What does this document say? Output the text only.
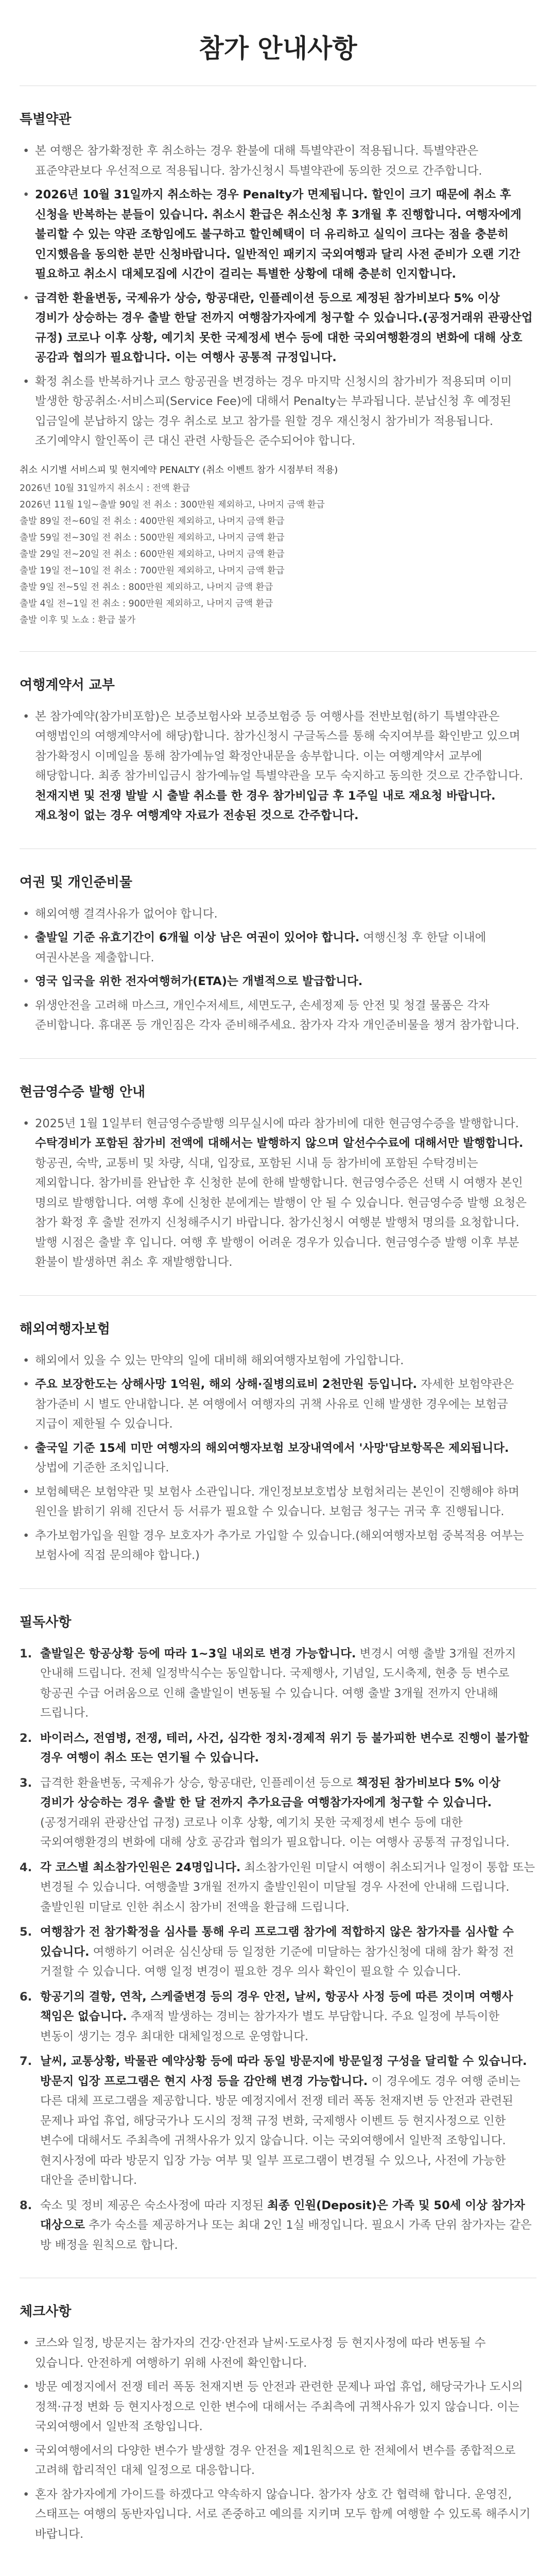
참가 안내사항
특별약관
• 본 여행은 참가확정한 후 취소하는 경우 환불에 대해 특별약관이 적용됩니다. 특별약관은 표준약관보다 우선적으로 적용됩니다. 참가신청시 특별약관에 동의한 것으로 간주합니다.
• 2026년 10월 31일까지 취소하는 경우 Penalty가 면제됩니다. 할인이 크기 때문에 취소 후 신청을 반복하는 분들이 있습니다. 취소시 환급은 취소신청 후 3개월 후 진행합니다. 여행자에게 불리할 수 있는 약관 조항임에도 불구하고 할인혜택이 더 유리하고 실익이 크다는 점을 충분히 인지했음을 동의한 분만 신청바랍니다. 일반적인 패키지 국외여행과 달리 사전 준비가 오랜 기간 필요하고 취소시 대체모집에 시간이 걸리는 특별한 상황에 대해 충분히 인지합니다.
• 급격한 환율변동, 국제유가 상승, 항공대란, 인플레이션 등으로 제정된 참가비보다 5% 이상 경비가 상승하는 경우 출발 한달 전까지 여행참가자에게 청구할 수 있습니다.(공정거래위 관광산업 규정) 코로나 이후 상황, 예기치 못한 국제정세 변수 등에 대한 국외여행환경의 변화에 대해 상호 공감과 협의가 필요합니다. 이는 여행사 공통적 규정입니다.
• 확정 취소를 반복하거나 코스 항공권을 변경하는 경우 마지막 신청시의 참가비가 적용되며 이미 발생한 항공취소·서비스피(Service Fee)에 대해서 Penalty는 부과됩니다. 분납신청 후 예정된 입금일에 분납하지 않는 경우 취소로 보고 참가를 원할 경우 재신청시 참가비가 적용됩니다. 조기예약시 할인폭이 큰 대신 관련 사항들은 준수되어야 합니다.
취소 시기별 서비스피 및 현지예약 PENALTY (취소 이벤트 참가 시점부터 적용)
2026년 10월 31일까지 취소시 : 전액 환급
2026년 11월 1일~출발 90일 전 취소 : 300만원 제외하고, 나머지 금액 환급
출발 89일 전~60일 전 취소 : 400만원 제외하고, 나머지 금액 환급
출발 59일 전~30일 전 취소 : 500만원 제외하고, 나머지 금액 환급
출발 29일 전~20일 전 취소 : 600만원 제외하고, 나머지 금액 환급
출발 19일 전~10일 전 취소 : 700만원 제외하고, 나머지 금액 환급
출발 9일 전~5일 전 취소 : 800만원 제외하고, 나머지 금액 환급
출발 4일 전~1일 전 취소 : 900만원 제외하고, 나머지 금액 환급
출발 이후 및 노쇼 : 환급 불가
여행계약서 교부
• 본 참가예약(참가비포함)은 보증보험사와 보증보험증 등 여행사를 전반보험(하기 특별약관은 여행법인의 여행계약서에 해당)합니다. 참가신청시 구글독스를 통해 숙지여부를 확인받고 있으며 참가확정시 이메일을 통해 참가예뉴얼 확정안내문을 송부합니다. 이는 여행계약서 교부에 해당합니다. 최종 참가비입금시 참가예뉴얼 특별약관을 모두 숙지하고 동의한 것으로 간주합니다. 천재지변 및 전쟁 발발 시 출발 취소를 한 경우 참가비입금 후 1주일 내로 재요청 바랍니다. 재요청이 없는 경우 여행계약 자료가 전송된 것으로 간주합니다.
여권 및 개인준비물
• 해외여행 결격사유가 없어야 합니다.
• 출발일 기준 유효기간이 6개월 이상 남은 여권이 있어야 합니다. 여행신청 후 한달 이내에 여권사본을 제출합니다.
• 영국 입국을 위한 전자여행허가(ETA)는 개별적으로 발급합니다.
• 위생안전을 고려해 마스크, 개인수저세트, 세면도구, 손세정제 등 안전 및 청결 물품은 각자 준비합니다. 휴대폰 등 개인짐은 각자 준비해주세요. 참가자 각자 개인준비물을 챙겨 참가합니다.
현금영수증 발행 안내
• 2025년 1월 1일부터 현금영수증발행 의무실시에 따라 참가비에 대한 현금영수증을 발행합니다. 수탁경비가 포함된 참가비 전액에 대해서는 발행하지 않으며 알선수수료에 대해서만 발행합니다. 항공권, 숙박, 교통비 및 차량, 식대, 입장료, 포함된 시내 등 참가비에 포함된 수탁경비는 제외합니다. 참가비를 완납한 후 신청한 분에 한해 발행합니다. 현금영수증은 선택 시 여행자 본인 명의로 발행합니다. 여행 후에 신청한 분에게는 발행이 안 될 수 있습니다. 현금영수증 발행 요청은 참가 확정 후 출발 전까지 신청해주시기 바랍니다. 참가신청시 여행분 발행처 명의를 요청합니다. 발행 시점은 출발 후 입니다. 여행 후 발행이 어려운 경우가 있습니다. 현금영수증 발행 이후 부분 환불이 발생하면 취소 후 재발행합니다.
해외여행자보험
• 해외에서 있을 수 있는 만약의 일에 대비해 해외여행자보험에 가입합니다.
• 주요 보장한도는 상해사망 1억원, 해외 상해·질병의료비 2천만원 등입니다. 자세한 보험약관은 참가준비 시 별도 안내합니다. 본 여행에서 여행자의 귀책 사유로 인해 발생한 경우에는 보험금 지급이 제한될 수 있습니다.
• 출국일 기준 15세 미만 여행자의 해외여행자보험 보장내역에서 '사망'담보항목은 제외됩니다. 상법에 기준한 조치입니다.
• 보험혜택은 보험약관 및 보험사 소관입니다. 개인정보보호법상 보험처리는 본인이 진행해야 하며 원인을 밝히기 위해 진단서 등 서류가 필요할 수 있습니다. 보험금 청구는 귀국 후 진행됩니다.
• 추가보험가입을 원할 경우 보호자가 추가로 가입할 수 있습니다.(해외여행자보험 중복적용 여부는 보험사에 직접 문의해야 합니다.)
필독사항
1. 출발일은 항공상황 등에 따라 1~3일 내외로 변경 가능합니다. 변경시 여행 출발 3개월 전까지 안내해 드립니다. 전체 일정박식수는 동일합니다. 국제행사, 기념일, 도시축제, 현충 등 변수로 항공권 수급 어려움으로 인해 출발일이 변동될 수 있습니다. 여행 출발 3개월 전까지 안내해 드립니다.
2. 바이러스, 전염병, 전쟁, 테러, 사건, 심각한 정치·경제적 위기 등 불가피한 변수로 진행이 불가할 경우 여행이 취소 또는 연기될 수 있습니다.
3. 급격한 환율변동, 국제유가 상승, 항공대란, 인플레이션 등으로 책정된 참가비보다 5% 이상 경비가 상승하는 경우 출발 한 달 전까지 추가요금을 여행참가자에게 청구할 수 있습니다. (공정거래위 관광산업 규정) 코로나 이후 상황, 예기치 못한 국제정세 변수 등에 대한 국외여행환경의 변화에 대해 상호 공감과 협의가 필요합니다. 이는 여행사 공통적 규정입니다.
4. 각 코스별 최소참가인원은 24명입니다. 최소참가인원 미달시 여행이 취소되거나 일정이 통합 또는 변경될 수 있습니다. 여행출발 3개월 전까지 출발인원이 미달될 경우 사전에 안내해 드립니다. 출발인원 미달로 인한 취소시 참가비 전액을 환급해 드립니다.
5. 여행참가 전 참가확정을 심사를 통해 우리 프로그램 참가에 적합하지 않은 참가자를 심사할 수 있습니다. 여행하기 어려운 심신상태 등 일정한 기준에 미달하는 참가신청에 대해 참가 확정 전 거절할 수 있습니다. 여행 일정 변경이 필요한 경우 의사 확인이 필요할 수 있습니다.
6. 항공기의 결항, 연착, 스케줄변경 등의 경우 안전, 날씨, 항공사 사정 등에 따른 것이며 여행사 책임은 없습니다. 추재적 발생하는 경비는 참가자가 별도 부담합니다. 주요 일정에 부득이한 변동이 생기는 경우 최대한 대체일정으로 운영합니다.
7. 날씨, 교통상황, 박물관 예약상황 등에 따라 동일 방문지에 방문일정 구성을 달리할 수 있습니다. 방문지 입장 프로그램은 현지 사정 등을 감안해 변경 가능합니다. 이 경우에도 경우 여행 준비는 다른 대체 프로그램을 제공합니다. 방문 예정지에서 전쟁 테러 폭동 천재지변 등 안전과 관련된 문제나 파업 휴업, 해당국가나 도시의 정책 규정 변화, 국제행사 이벤트 등 현지사정으로 인한 변수에 대해서도 주최측에 귀책사유가 있지 않습니다. 이는 국외여행에서 일반적 조항입니다. 현지사정에 따라 방문지 입장 가능 여부 및 일부 프로그램이 변경될 수 있으나, 사전에 가능한 대안을 준비합니다.
8. 숙소 및 정비 제공은 숙소사정에 따라 지정된 최종 인원(Deposit)은 가족 및 50세 이상 참가자 대상으로 추가 숙소를 제공하거나 또는 최대 2인 1실 배정입니다. 필요시 가족 단위 참가자는 같은 방 배정을 원칙으로 합니다.
체크사항
• 코스와 일정, 방문지는 참가자의 건강·안전과 날씨·도로사정 등 현지사정에 따라 변동될 수 있습니다. 안전하게 여행하기 위해 사전에 확인합니다.
• 방문 예정지에서 전쟁 테러 폭동 천재지변 등 안전과 관련한 문제나 파업 휴업, 해당국가나 도시의 정책·규정 변화 등 현지사정으로 인한 변수에 대해서는 주최측에 귀책사유가 있지 않습니다. 이는 국외여행에서 일반적 조항입니다.
• 국외여행에서의 다양한 변수가 발생할 경우 안전을 제1원칙으로 한 전체에서 변수를 종합적으로 고려해 합리적인 대체 일정으로 대응합니다.
• 혼자 참가자에게 가이드를 하겠다고 약속하지 않습니다. 참가자 상호 간 협력해 합니다. 운영진, 스태프는 여행의 동반자입니다. 서로 존중하고 예의를 지키며 모두 함께 여행할 수 있도록 해주시기 바랍니다.
